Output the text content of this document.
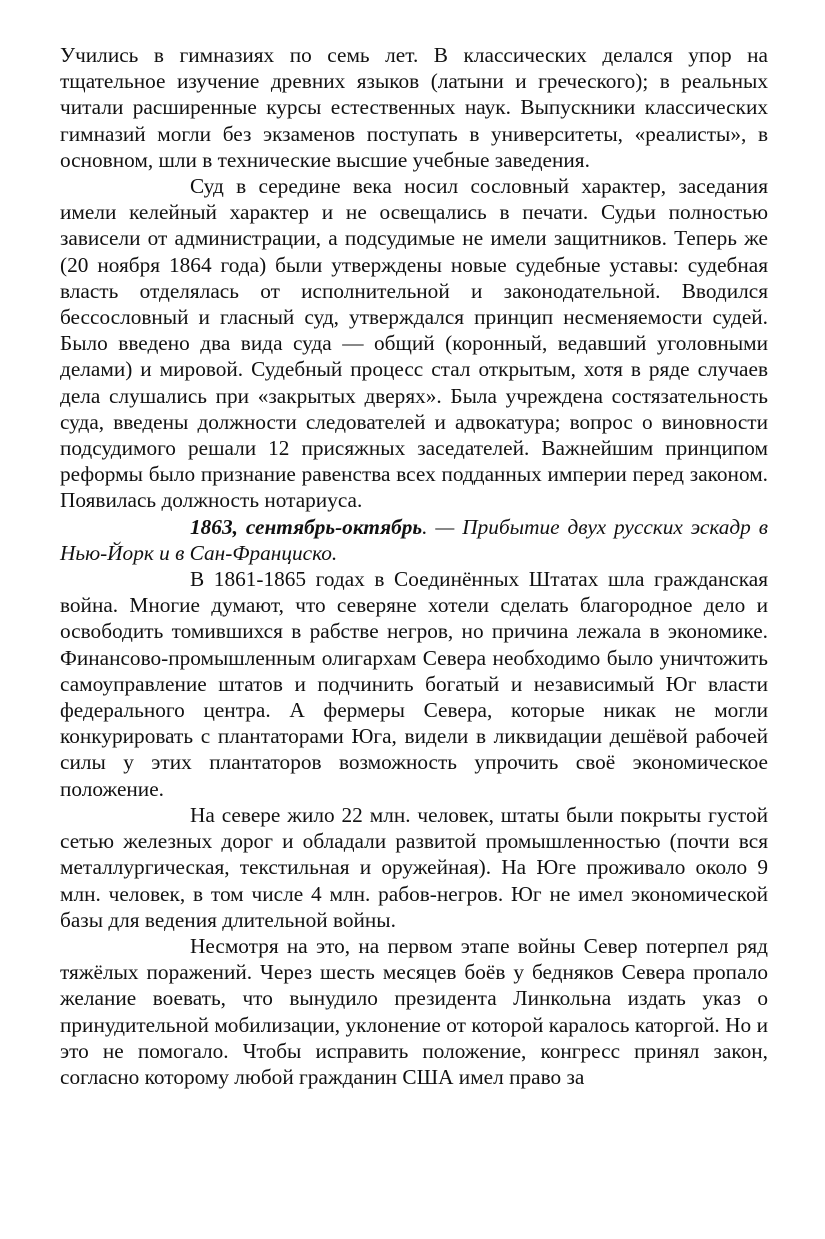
Учились в гимназиях по семь лет. В классических делался упор на тщательное изучение древних языков (латыни и греческого); в реальных читали расширенные курсы естественных наук. Выпускники классических гимназий могли без экзаменов поступать в университеты, «реалисты», в основном, шли в технические высшие учебные заведения.

Суд в середине века носил сословный характер, заседания имели келейный характер и не освещались в печати. Судьи полностью зависели от администрации, а подсудимые не имели защитников. Теперь же (20 ноября 1864 года) были утверждены новые судебные уставы: судебная власть отделялась от исполнительной и законодательной. Вводился бессословный и гласный суд, утверждался принцип несменяемости судей. Было введено два вида суда — общий (коронный, ведавший уголовными делами) и мировой. Судебный процесс стал открытым, хотя в ряде случаев дела слушались при «закрытых дверях». Была учреждена состязательность суда, введены должности следователей и адвокатура; вопрос о виновности подсудимого решали 12 присяжных заседателей. Важнейшим принципом реформы было признание равенства всех подданных империи перед законом. Появилась должность нотариуса.

1863, сентябрь-октябрь. — Прибытие двух русских эскадр в Нью-Йорк и в Сан-Франциско.

В 1861-1865 годах в Соединённых Штатах шла гражданская война. Многие думают, что северяне хотели сделать благородное дело и освободить томившихся в рабстве негров, но причина лежала в экономике. Финансово-промышленным олигархам Севера необходимо было уничтожить самоуправление штатов и подчинить богатый и независимый Юг власти федерального центра. А фермеры Севера, которые никак не могли конкурировать с плантаторами Юга, видели в ликвидации дешёвой рабочей силы у этих плантаторов возможность упрочить своё экономическое положение.

На севере жило 22 млн. человек, штаты были покрыты густой сетью железных дорог и обладали развитой промышленностью (почти вся металлургическая, текстильная и оружейная). На Юге проживало около 9 млн. человек, в том числе 4 млн. рабов-негров. Юг не имел экономической базы для ведения длительной войны.

Несмотря на это, на первом этапе войны Север потерпел ряд тяжёлых поражений. Через шесть месяцев боёв у бедняков Севера пропало желание воевать, что вынудило президента Линкольна издать указ о принудительной мобилизации, уклонение от которой каралось каторгой. Но и это не помогало. Чтобы исправить положение, конгресс принял закон, согласно которому любой гражданин США имел право за
